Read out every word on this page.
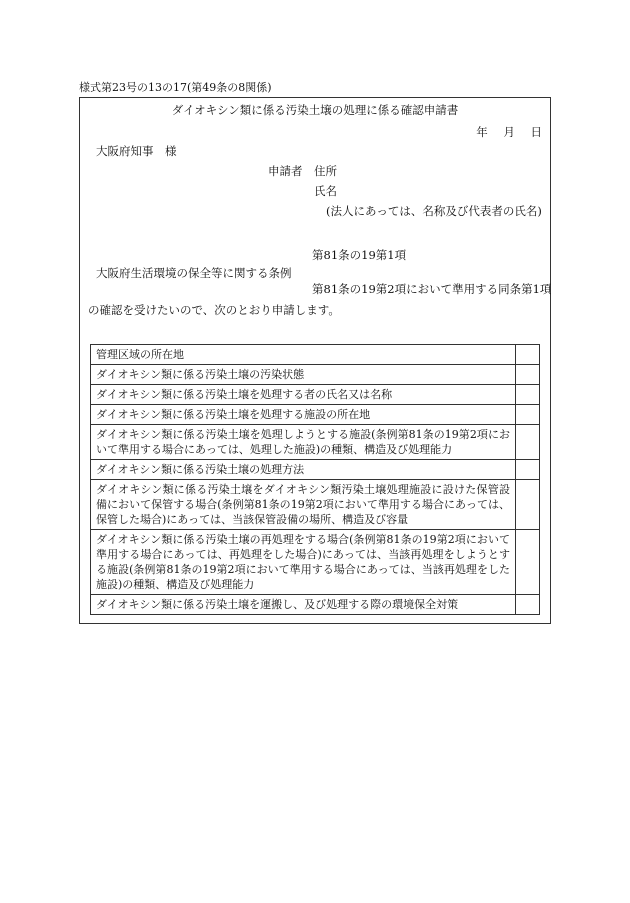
様式第23号の13の17(第49条の8関係)
ダイオキシン類に係る汚染土壌の処理に係る確認申請書
年 月 日
大阪府知事　様
申請者　住所
氏名
(法人にあっては、名称及び代表者の氏名)
第81条の19第1項
大阪府生活環境の保全等に関する条例
第81条の19第2項において準用する同条第1項
の確認を受けたいので、次のとおり申請します。
管理区域の所在地	
ダイオキシン類に係る汚染土壌の汚染状態	
ダイオキシン類に係る汚染土壌を処理する者の氏名又は名称	
ダイオキシン類に係る汚染土壌を処理する施設の所在地	
ダイオキシン類に係る汚染土壌を処理しようとする施設(条例第81条の19第2項において準用する場合にあっては、処理した施設)の種類、構造及び処理能力	
ダイオキシン類に係る汚染土壌の処理方法	
ダイオキシン類に係る汚染土壌をダイオキシン類汚染土壌処理施設に設けた保管設備において保管する場合(条例第81条の19第2項において準用する場合にあっては、保管した場合)にあっては、当該保管設備の場所、構造及び容量	
ダイオキシン類に係る汚染土壌の再処理をする場合(条例第81条の19第2項において準用する場合にあっては、再処理をした場合)にあっては、当該再処理をしようとする施設(条例第81条の19第2項において準用する場合にあっては、当該再処理をした施設)の種類、構造及び処理能力	
ダイオキシン類に係る汚染土壌を運搬し、及び処理する際の環境保全対策	
